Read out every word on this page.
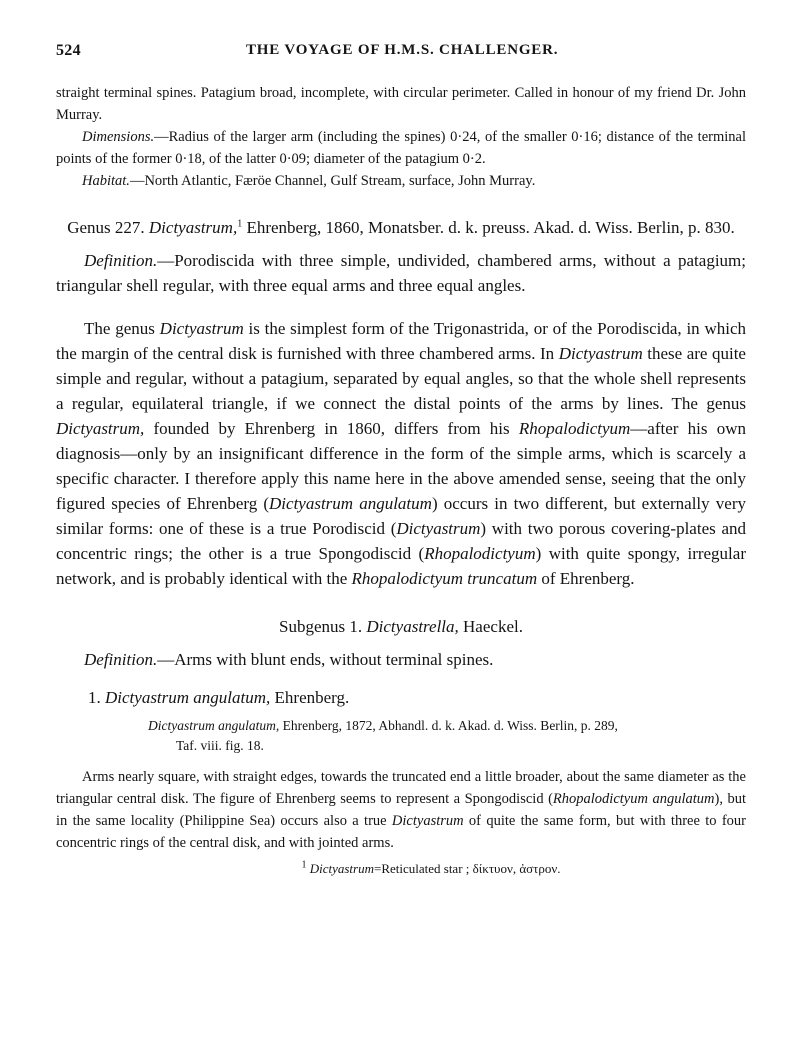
524	THE VOYAGE OF H.M.S. CHALLENGER.

straight terminal spines. Patagium broad, incomplete, with circular perimeter. Called in honour of my friend Dr. John Murray.

Dimensions.—Radius of the larger arm (including the spines) 0·24, of the smaller 0·16; distance of the terminal points of the former 0·18, of the latter 0·09; diameter of the patagium 0·2.

Habitat.—North Atlantic, Færöe Channel, Gulf Stream, surface, John Murray.

Genus 227. Dictyastrum,$^1$ Ehrenberg, 1860, Monatsber. d. k. preuss. Akad. d. Wiss. Berlin, p. 830.

Definition.—Porodiscida with three simple, undivided, chambered arms, without a patagium; triangular shell regular, with three equal arms and three equal angles.

The genus Dictyastrum is the simplest form of the Trigonastrida, or of the Porodiscida, in which the margin of the central disk is furnished with three chambered arms. In Dictyastrum these are quite simple and regular, without a patagium, separated by equal angles, so that the whole shell represents a regular, equilateral triangle, if we connect the distal points of the arms by lines. The genus Dictyastrum, founded by Ehrenberg in 1860, differs from his Rhopalodictyum—after his own diagnosis—only by an insignificant difference in the form of the simple arms, which is scarcely a specific character. I therefore apply this name here in the above amended sense, seeing that the only figured species of Ehrenberg (Dictyastrum angulatum) occurs in two different, but externally very similar forms: one of these is a true Porodiscid (Dictyastrum) with two porous covering-plates and concentric rings; the other is a true Spongodiscid (Rhopalodictyum) with quite spongy, irregular network, and is probably identical with the Rhopalodictyum truncatum of Ehrenberg.

Subgenus 1. Dictyastrella, Haeckel.

Definition.—Arms with blunt ends, without terminal spines.

1. Dictyastrum angulatum, Ehrenberg.
Dictyastrum angulatum, Ehrenberg, 1872, Abhandl. d. k. Akad. d. Wiss. Berlin, p. 289,
Taf. viii. fig. 18.

Arms nearly square, with straight edges, towards the truncated end a little broader, about the same diameter as the triangular central disk. The figure of Ehrenberg seems to represent a Spongodiscid (Rhopalodictyum angulatum), but in the same locality (Philippine Sea) occurs also a true Dictyastrum of quite the same form, but with three to four concentric rings of the central disk, and with jointed arms.

$^1$ Dictyastrum=Reticulated star ; δίκτυον, ἀστρον.
